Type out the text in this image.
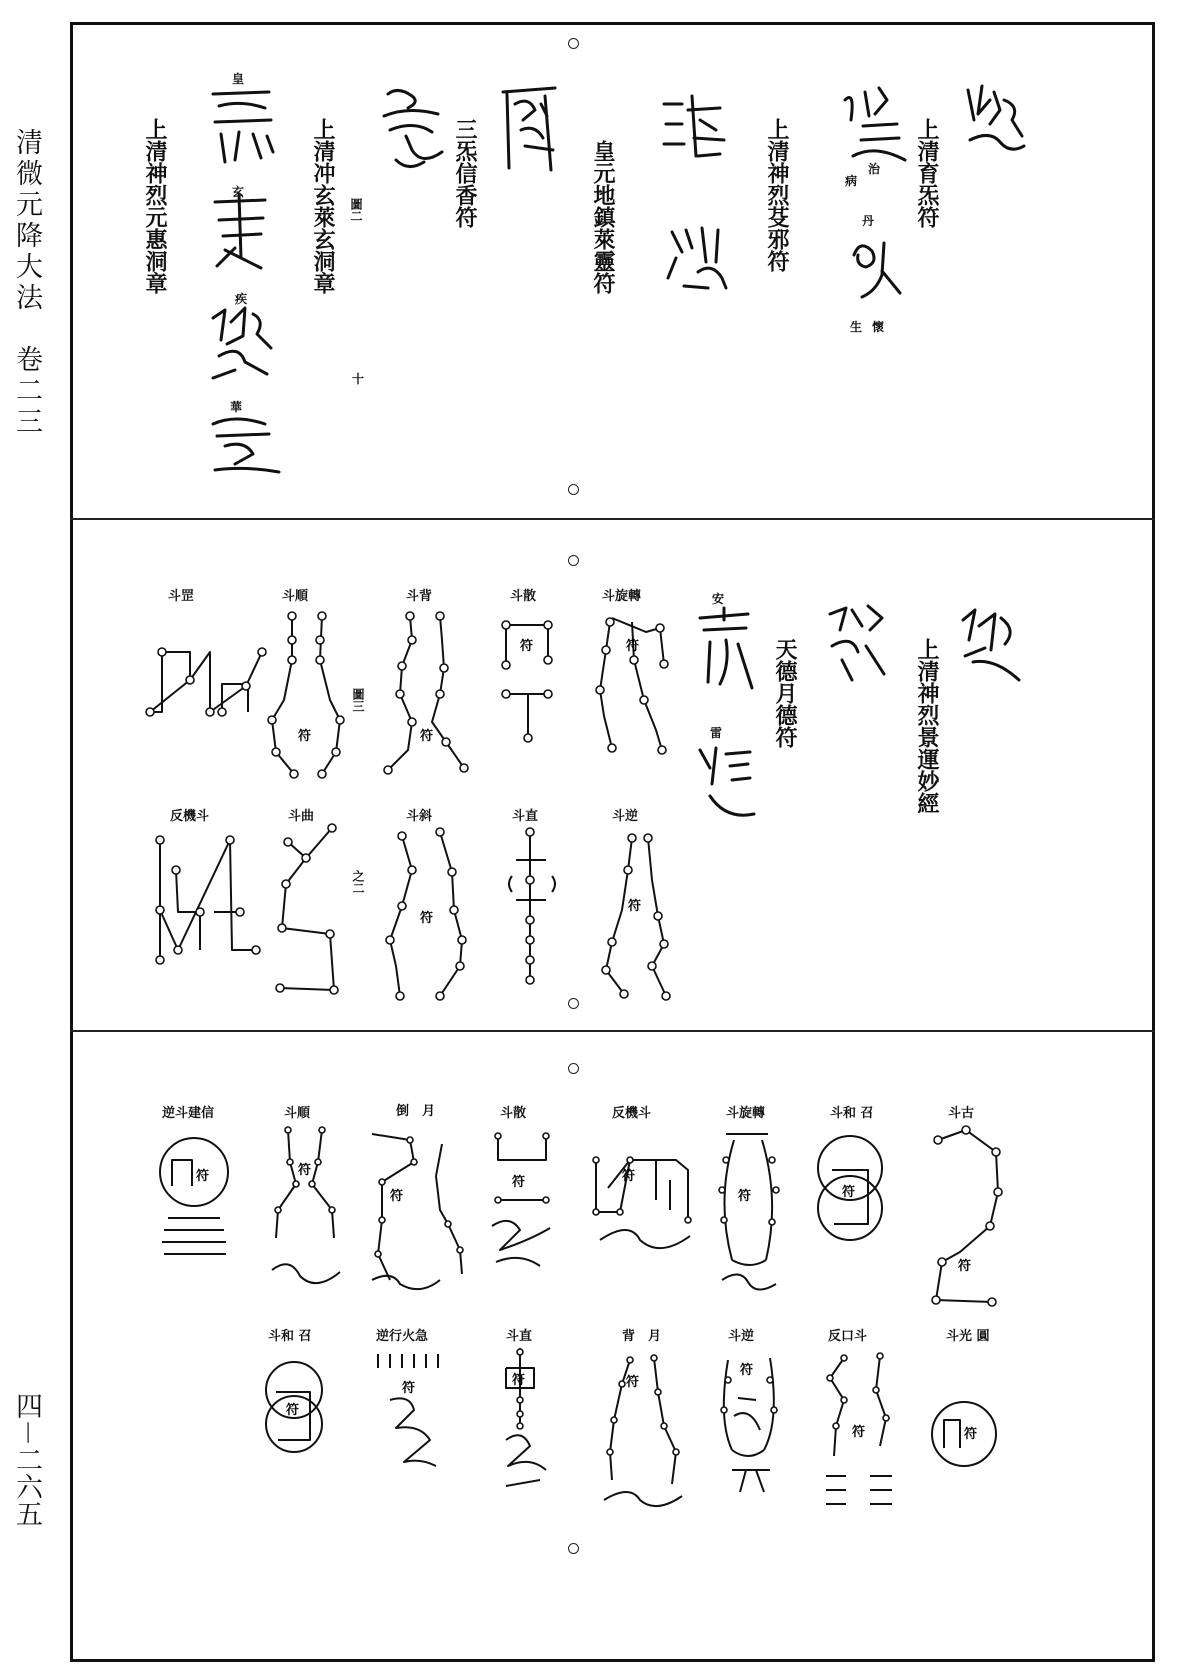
清微元降大法　卷二三
四－二六五
上清育炁符
上清神烈芟邪符
皇元地鎮萊靈符
三炁信香符
上清冲玄萊玄洞章
上清神烈元惠洞章	病
治
丹
生 懷
圖二
十
皇
玄
疾
華
上清神烈景運妙經
天德月德符
安
雷
圖三
之二
斗旋轉
斗散
斗背
斗順
斗罡
斗逆
斗直
斗斜
斗曲
反機斗
符
符
符
符
符
符
斗古
斗和 召
斗旋轉
反機斗
斗散
倒　月
斗順
逆斗建信
斗光 圓
反口斗
斗逆
背　月
斗直
逆行火急
斗和 召
符
符
符
符
符
符
符
符
符
符
符
符
符
符
符
